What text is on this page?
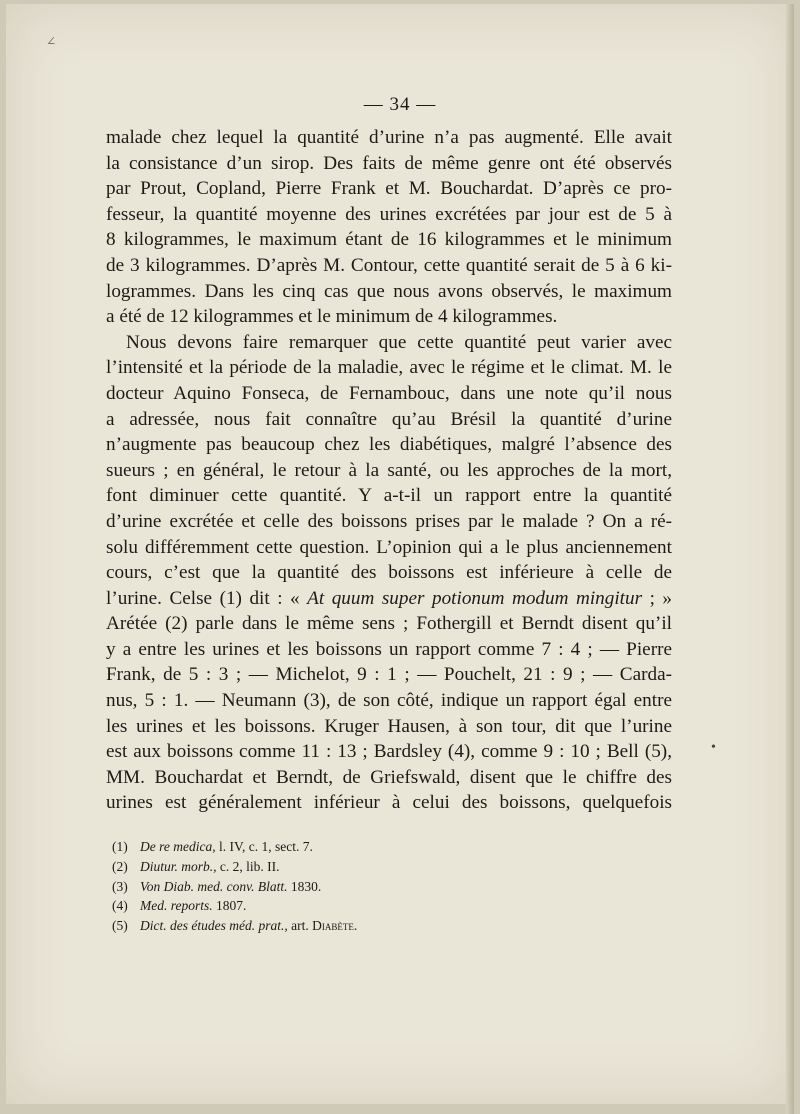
∠
— 34 —
malade chez lequel la quantité d’urine n’a pas augmenté. Elle avait
la consistance d’un sirop. Des faits de même genre ont été observés
par Prout, Copland, Pierre Frank et M. Bouchardat. D’après ce pro-
fesseur, la quantité moyenne des urines excrétées par jour est de 5 à
8 kilogrammes, le maximum étant de 16 kilogrammes et le minimum
de 3 kilogrammes. D’après M. Contour, cette quantité serait de 5 à 6 ki-
logrammes. Dans les cinq cas que nous avons observés, le maximum
a été de 12 kilogrammes et le minimum de 4 kilogrammes.
Nous devons faire remarquer que cette quantité peut varier avec
l’intensité et la période de la maladie, avec le régime et le climat. M. le
docteur Aquino Fonseca, de Fernambouc, dans une note qu’il nous
a adressée, nous fait connaître qu’au Brésil la quantité d’urine
n’augmente pas beaucoup chez les diabétiques, malgré l’absence des
sueurs ; en général, le retour à la santé, ou les approches de la mort,
font diminuer cette quantité. Y a-t-il un rapport entre la quantité
d’urine excrétée et celle des boissons prises par le malade ? On a ré-
solu différemment cette question. L’opinion qui a le plus anciennement
cours, c’est que la quantité des boissons est inférieure à celle de
l’urine. Celse (1) dit : « At quum super potionum modum mingitur ; »
Arétée (2) parle dans le même sens ; Fothergill et Berndt disent qu’il
y a entre les urines et les boissons un rapport comme 7 : 4 ; — Pierre
Frank, de 5 : 3 ; — Michelot, 9 : 1 ; — Pouchelt, 21 : 9 ; — Carda-
nus, 5 : 1. — Neumann (3), de son côté, indique un rapport égal entre
les urines et les boissons. Kruger Hausen, à son tour, dit que l’urine
est aux boissons comme 11 : 13 ; Bardsley (4), comme 9 : 10 ; Bell (5),
MM. Bouchardat et Berndt, de Griefswald, disent que le chiffre des
urines est généralement inférieur à celui des boissons, quelquefois
•
(1) De re medica, l. IV, c. 1, sect. 7.
(2) Diutur. morb., c. 2, lib. II.
(3) Von Diab. med. conv. Blatt. 1830.
(4) Med. reports. 1807.
(5) Dict. des études méd. prat., art. Diabète.
